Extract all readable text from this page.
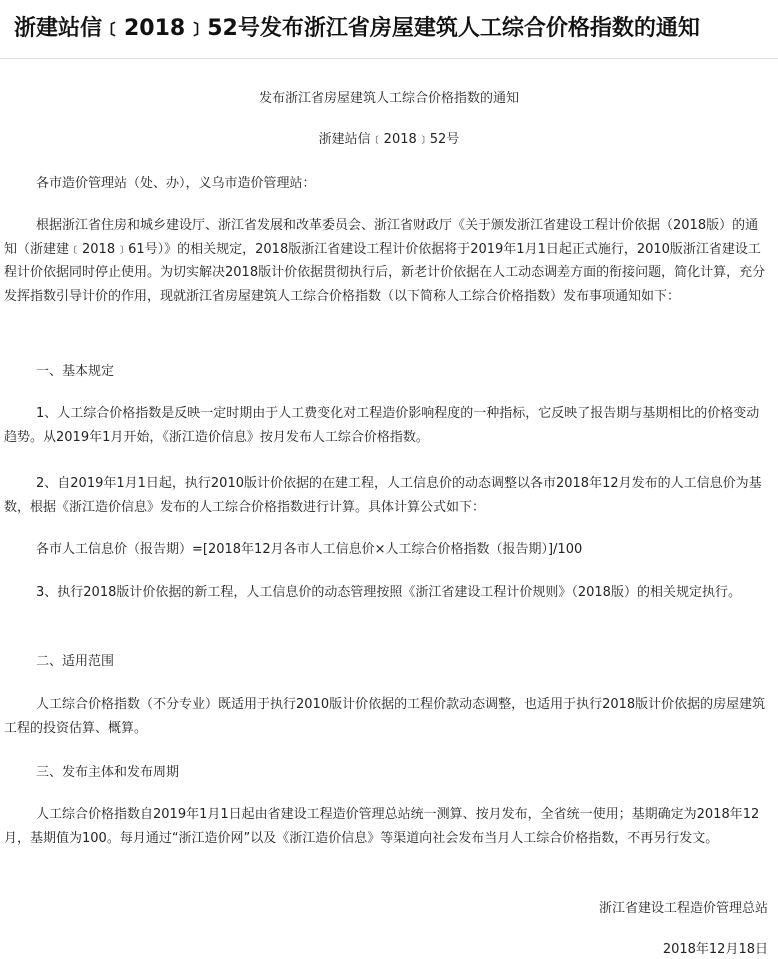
浙建站信﹝2018﹞52号发布浙江省房屋建筑人工综合价格指数的通知
发布浙江省房屋建筑人工综合价格指数的通知
浙建站信﹝2018﹞52号
各市造价管理站（处、办），义乌市造价管理站：
根据浙江省住房和城乡建设厅、浙江省发展和改革委员会、浙江省财政厅《关于颁发浙江省建设工程计价依据（2018版）的通知（浙建建﹝2018﹞61号）》的相关规定，2018版浙江省建设工程计价依据将于2019年1月1日起正式施行，2010版浙江省建设工程计价依据同时停止使用。为切实解决2018版计价依据贯彻执行后，新老计价依据在人工动态调差方面的衔接问题，简化计算，充分发挥指数引导计价的作用，现就浙江省房屋建筑人工综合价格指数（以下简称人工综合价格指数）发布事项通知如下：
一、基本规定
1、人工综合价格指数是反映一定时期由于人工费变化对工程造价影响程度的一种指标，它反映了报告期与基期相比的价格变动趋势。从2019年1月开始，《浙江造价信息》按月发布人工综合价格指数。
2、自2019年1月1日起，执行2010版计价依据的在建工程，人工信息价的动态调整以各市2018年12月发布的人工信息价为基数，根据《浙江造价信息》发布的人工综合价格指数进行计算。具体计算公式如下：
各市人工信息价（报告期）=[2018年12月各市人工信息价×人工综合价格指数（报告期）]/100
3、执行2018版计价依据的新工程，人工信息价的动态管理按照《浙江省建设工程计价规则》（2018版）的相关规定执行。
二、适用范围
人工综合价格指数（不分专业）既适用于执行2010版计价依据的工程价款动态调整，也适用于执行2018版计价依据的房屋建筑工程的投资估算、概算。
三、发布主体和发布周期
人工综合价格指数自2019年1月1日起由省建设工程造价管理总站统一测算、按月发布，全省统一使用；基期确定为2018年12月，基期值为100。每月通过“浙江造价网”以及《浙江造价信息》等渠道向社会发布当月人工综合价格指数，不再另行发文。
浙江省建设工程造价管理总站
2018年12月18日
